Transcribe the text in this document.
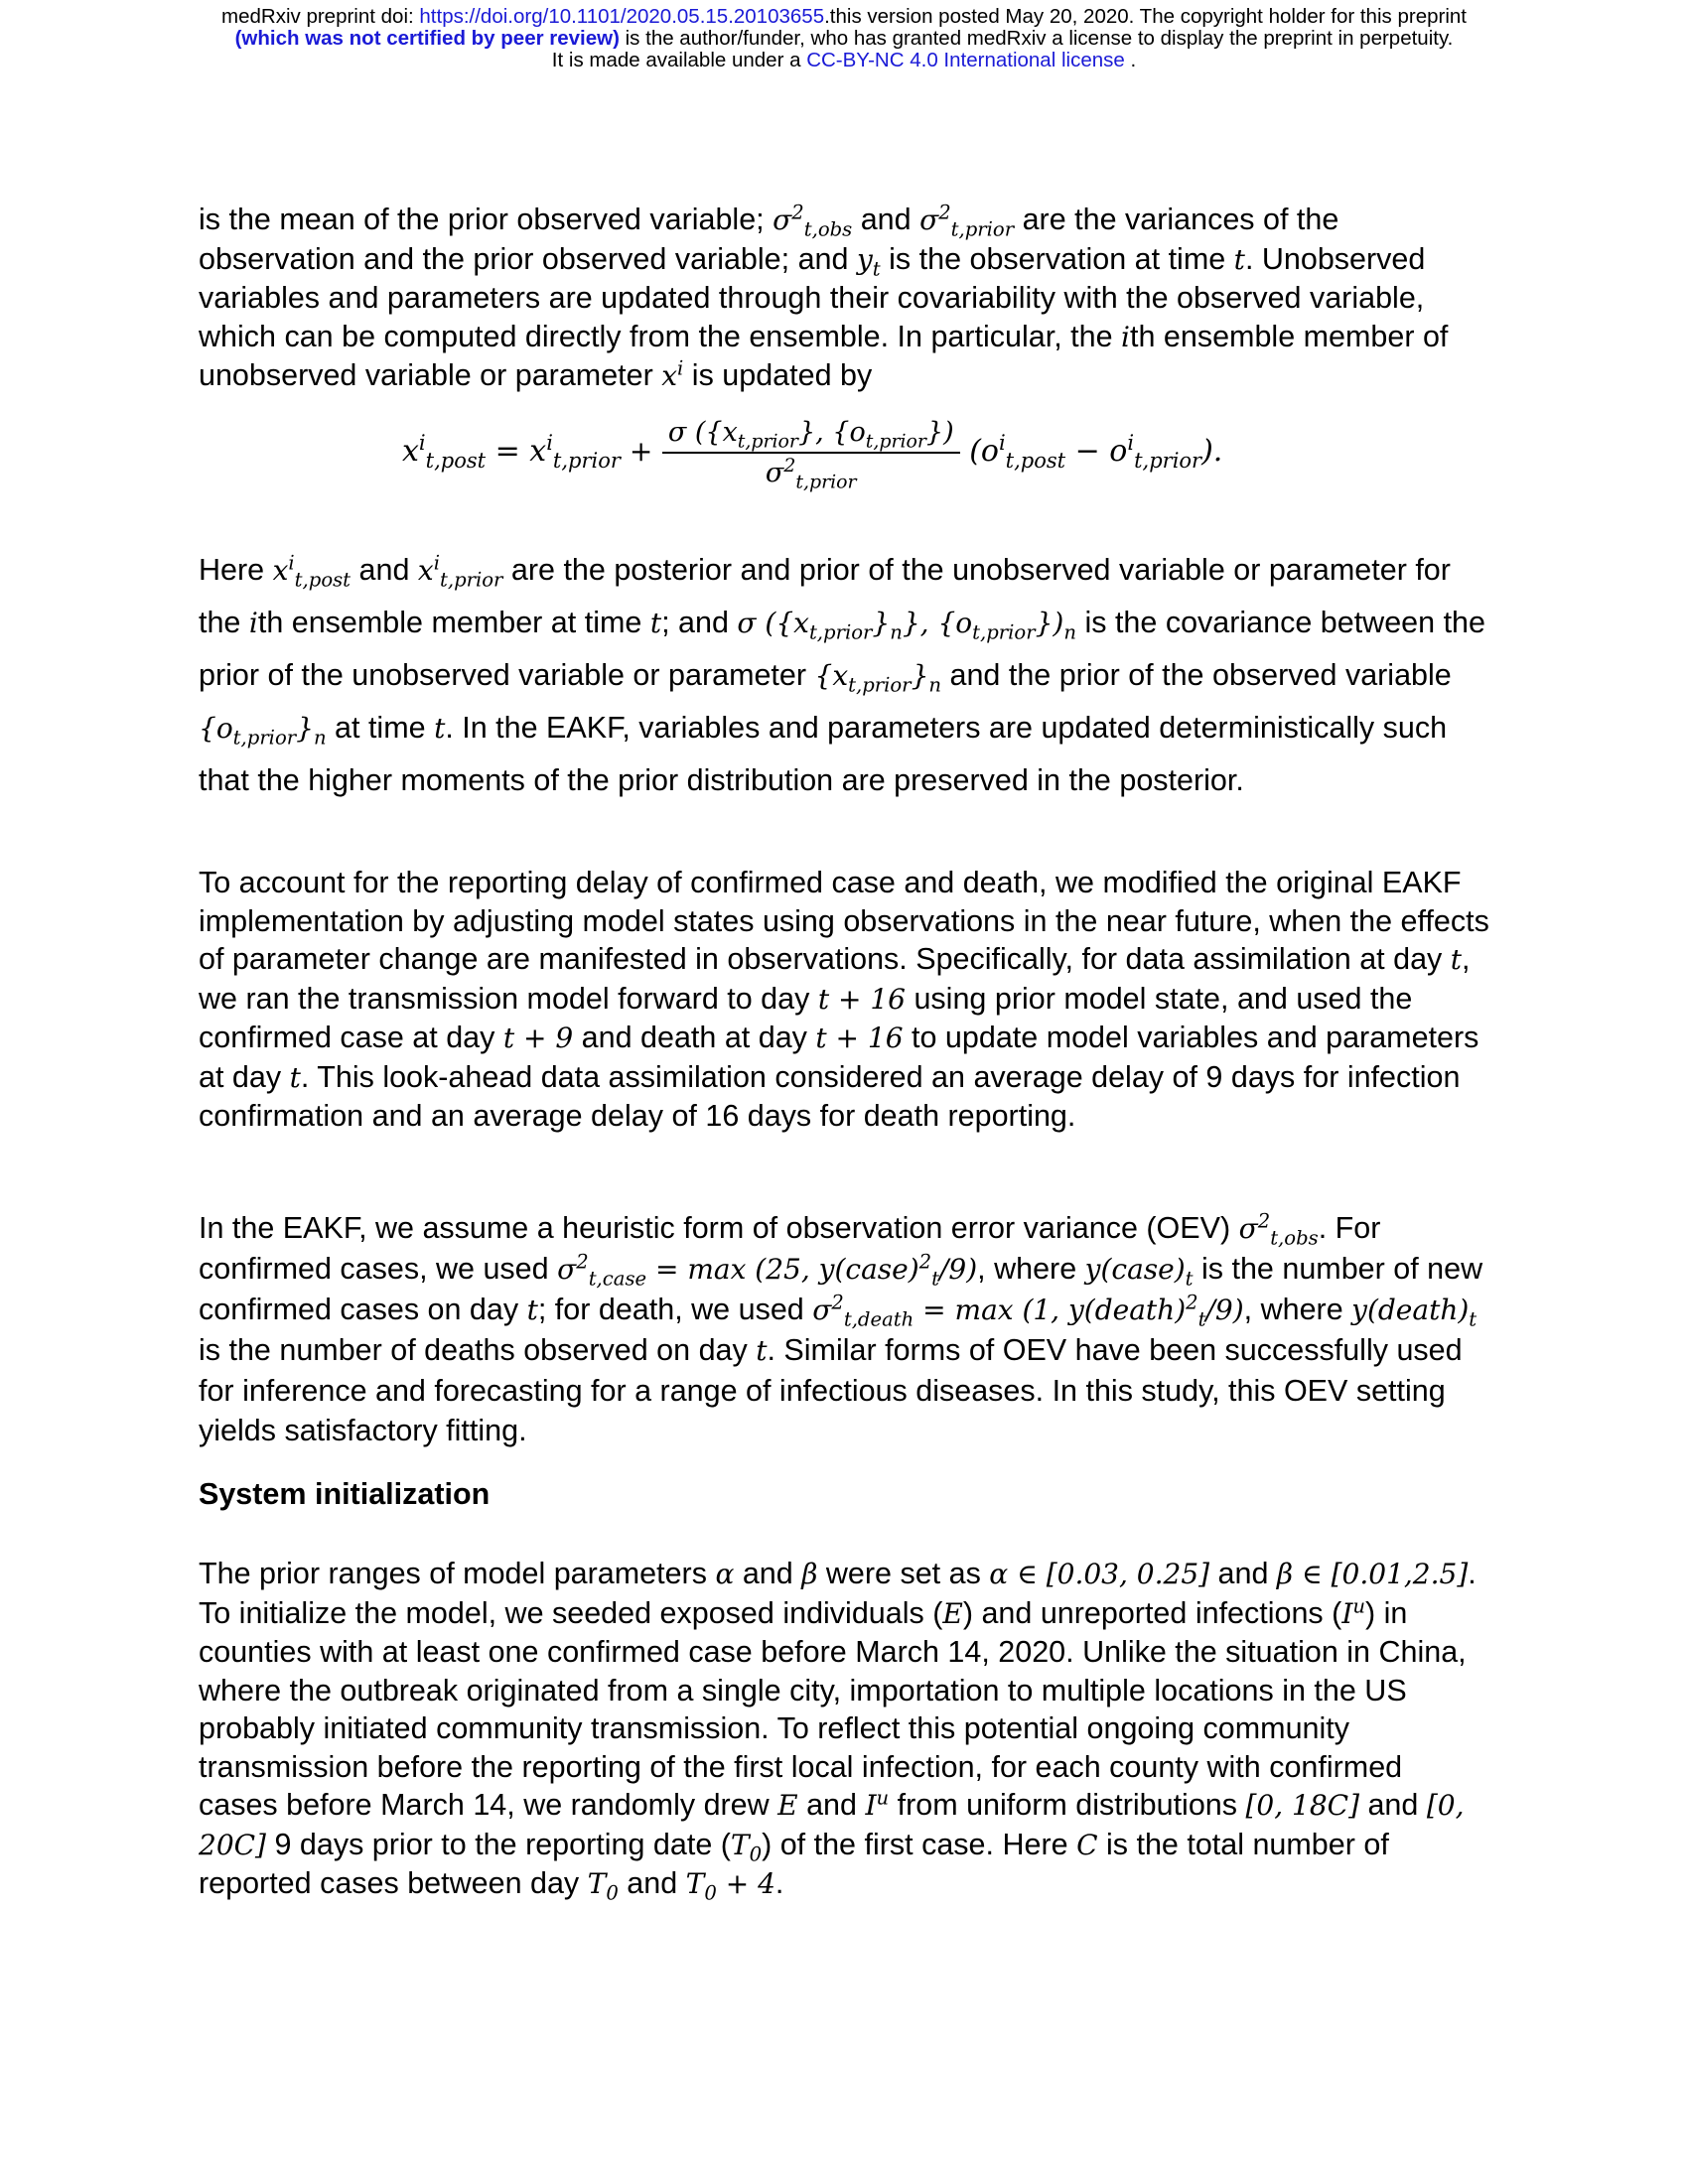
medRxiv preprint doi: https://doi.org/10.1101/2020.05.15.20103655.this version posted May 20, 2020. The copyright holder for this preprint
(which was not certified by peer review) is the author/funder, who has granted medRxiv a license to display the preprint in perpetuity.
It is made available under a CC-BY-NC 4.0 International license .

is the mean of the prior observed variable; $\sigma^2_{t,obs}$ and $\sigma^2_{t,prior}$ are the variances of the observation and the prior observed variable; and $y_t$ is the observation at time t. Unobserved variables and parameters are updated through their covariability with the observed variable, which can be computed directly from the ensemble. In particular, the ith ensemble member of unobserved variable or parameter $x^i$ is updated by

$x^i_{t,post} = x^i_{t,prior} + \frac{\sigma (\{x_{t,prior}\}, \{o_{t,prior}\})}{\sigma^2_{t,prior}} (o^i_{t,post} - o^i_{t,prior})$.

Here $x^i_{t,post}$ and $x^i_{t,prior}$ are the posterior and prior of the unobserved variable or parameter for the ith ensemble member at time t; and σ $(\{x_{t,prior}\}_n\}$, $\{o_{t,prior}\})_n$ is the covariance between the prior of the unobserved variable or parameter $\{x_{t,prior}\}_n$ and the prior of the observed variable $\{o_{t,prior}\}_n$ at time t. In the EAKF, variables and parameters are updated deterministically such that the higher moments of the prior distribution are preserved in the posterior.

To account for the reporting delay of confirmed case and death, we modified the original EAKF implementation by adjusting model states using observations in the near future, when the effects of parameter change are manifested in observations. Specifically, for data assimilation at day t, we ran the transmission model forward to day t + 16 using prior model state, and used the confirmed case at day t + 9 and death at day t + 16 to update model variables and parameters at day t. This look-ahead data assimilation considered an average delay of 9 days for infection confirmation and an average delay of 16 days for death reporting.

In the EAKF, we assume a heuristic form of observation error variance (OEV) $\sigma^2_{t,obs}$. For confirmed cases, we used $\sigma^2_{t,case} = \max (25$, y(case)$^2_t$/9), where $y(case)_t$ is the number of new confirmed cases on day t; for death, we used $\sigma^2_{t,death} = \max (1$, y(death)$^2_t$/9), where $y(death)_t$ is the number of deaths observed on day t. Similar forms of OEV have been successfully used for inference and forecasting for a range of infectious diseases. In this study, this OEV setting yields satisfactory fitting.

System initialization

The prior ranges of model parameters α and β were set as α ∈ [0.03, 0.25] and β ∈ [0.01,2.5]. To initialize the model, we seeded exposed individuals (E) and unreported infections $(I^u)$ in counties with at least one confirmed case before March 14, 2020. Unlike the situation in China, where the outbreak originated from a single city, importation to multiple locations in the US probably initiated community transmission. To reflect this potential ongoing community transmission before the reporting of the first local infection, for each county with confirmed cases before March 14, we randomly drew E and $I^u$ from uniform distributions [0, 18C] and [0, 20C] 9 days prior to the reporting date $(T_0)$ of the first case. Here C is the total number of reported cases between day $T_0$ and $T_0 + 4$.
